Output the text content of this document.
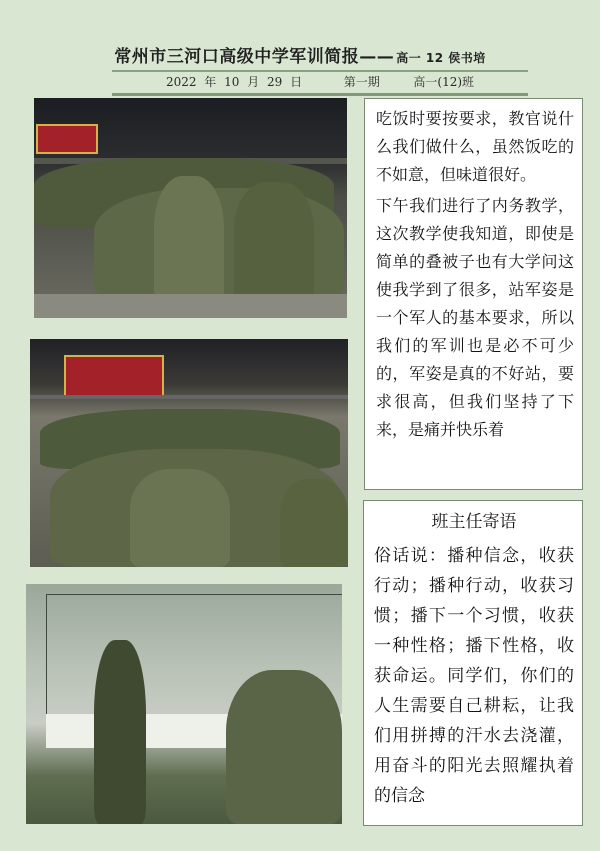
常州市三河口高级中学军训简报—— 高一 12 侯书培
2022 年 10 月 29 日	第一期	高一(12)班

吃饭时要按要求，教官说什么我们做什么，虽然饭吃的不如意，但味道很好。

下午我们进行了内务教学，这次教学使我知道，即使是简单的叠被子也有大学问这使我学到了很多，站军姿是一个军人的基本要求，所以我们的军训也是必不可少的，军姿是真的不好站，要求很高，但我们坚持了下来，是痛并快乐着

班主任寄语

俗话说：播种信念，收获行动；播种行动，收获习惯；播下一个习惯，收获一种性格；播下性格，收获命运。同学们，你们的人生需要自己耕耘，让我们用拼搏的汗水去浇灌，用奋斗的阳光去照耀执着的信念
